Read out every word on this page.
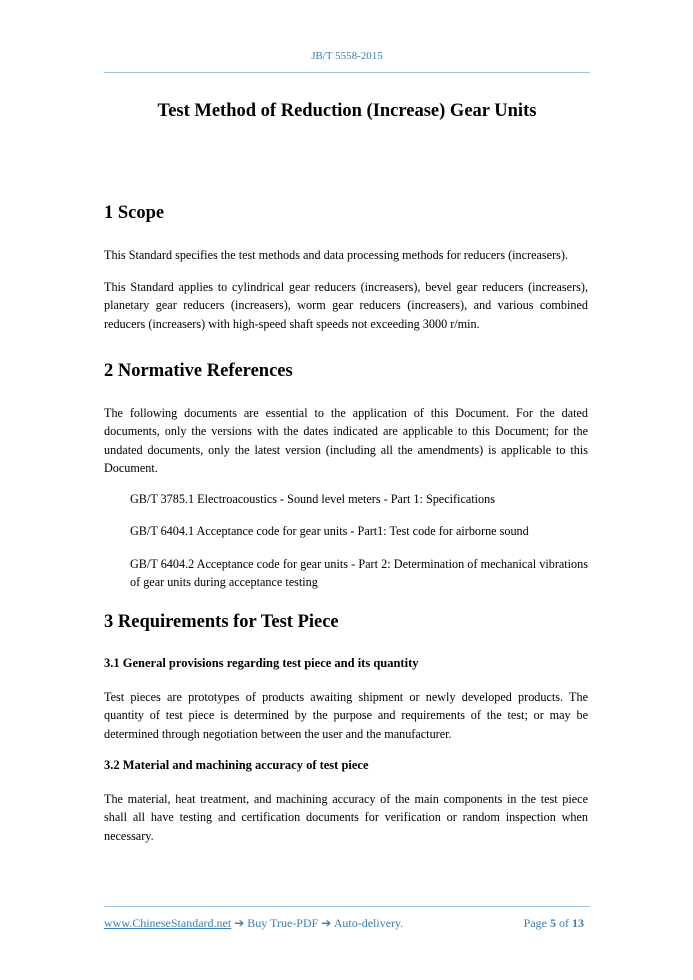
JB/T 5558-2015
Test Method of Reduction (Increase) Gear Units
1 Scope

This Standard specifies the test methods and data processing methods for reducers (increasers).

This Standard applies to cylindrical gear reducers (increasers), bevel gear reducers (increasers), planetary gear reducers (increasers), worm gear reducers (increasers), and various combined reducers (increasers) with high-speed shaft speeds not exceeding 3000 r/min.

2 Normative References

The following documents are essential to the application of this Document. For the dated documents, only the versions with the dates indicated are applicable to this Document; for the undated documents, only the latest version (including all the amendments) is applicable to this Document.

GB/T 3785.1 Electroacoustics - Sound level meters - Part 1: Specifications

GB/T 6404.1 Acceptance code for gear units - Part1: Test code for airborne sound

GB/T 6404.2 Acceptance code for gear units - Part 2: Determination of mechanical vibrations of gear units during acceptance testing

3 Requirements for Test Piece
3.1 General provisions regarding test piece and its quantity

Test pieces are prototypes of products awaiting shipment or newly developed products. The quantity of test piece is determined by the purpose and requirements of the test; or may be determined through negotiation between the user and the manufacturer.

3.2 Material and machining accuracy of test piece

The material, heat treatment, and machining accuracy of the main components in the test piece shall all have testing and certification documents for verification or random inspection when necessary.

www.ChineseStandard.net ➔ Buy True-PDF ➔ Auto-delivery.	Page 5 of 13
